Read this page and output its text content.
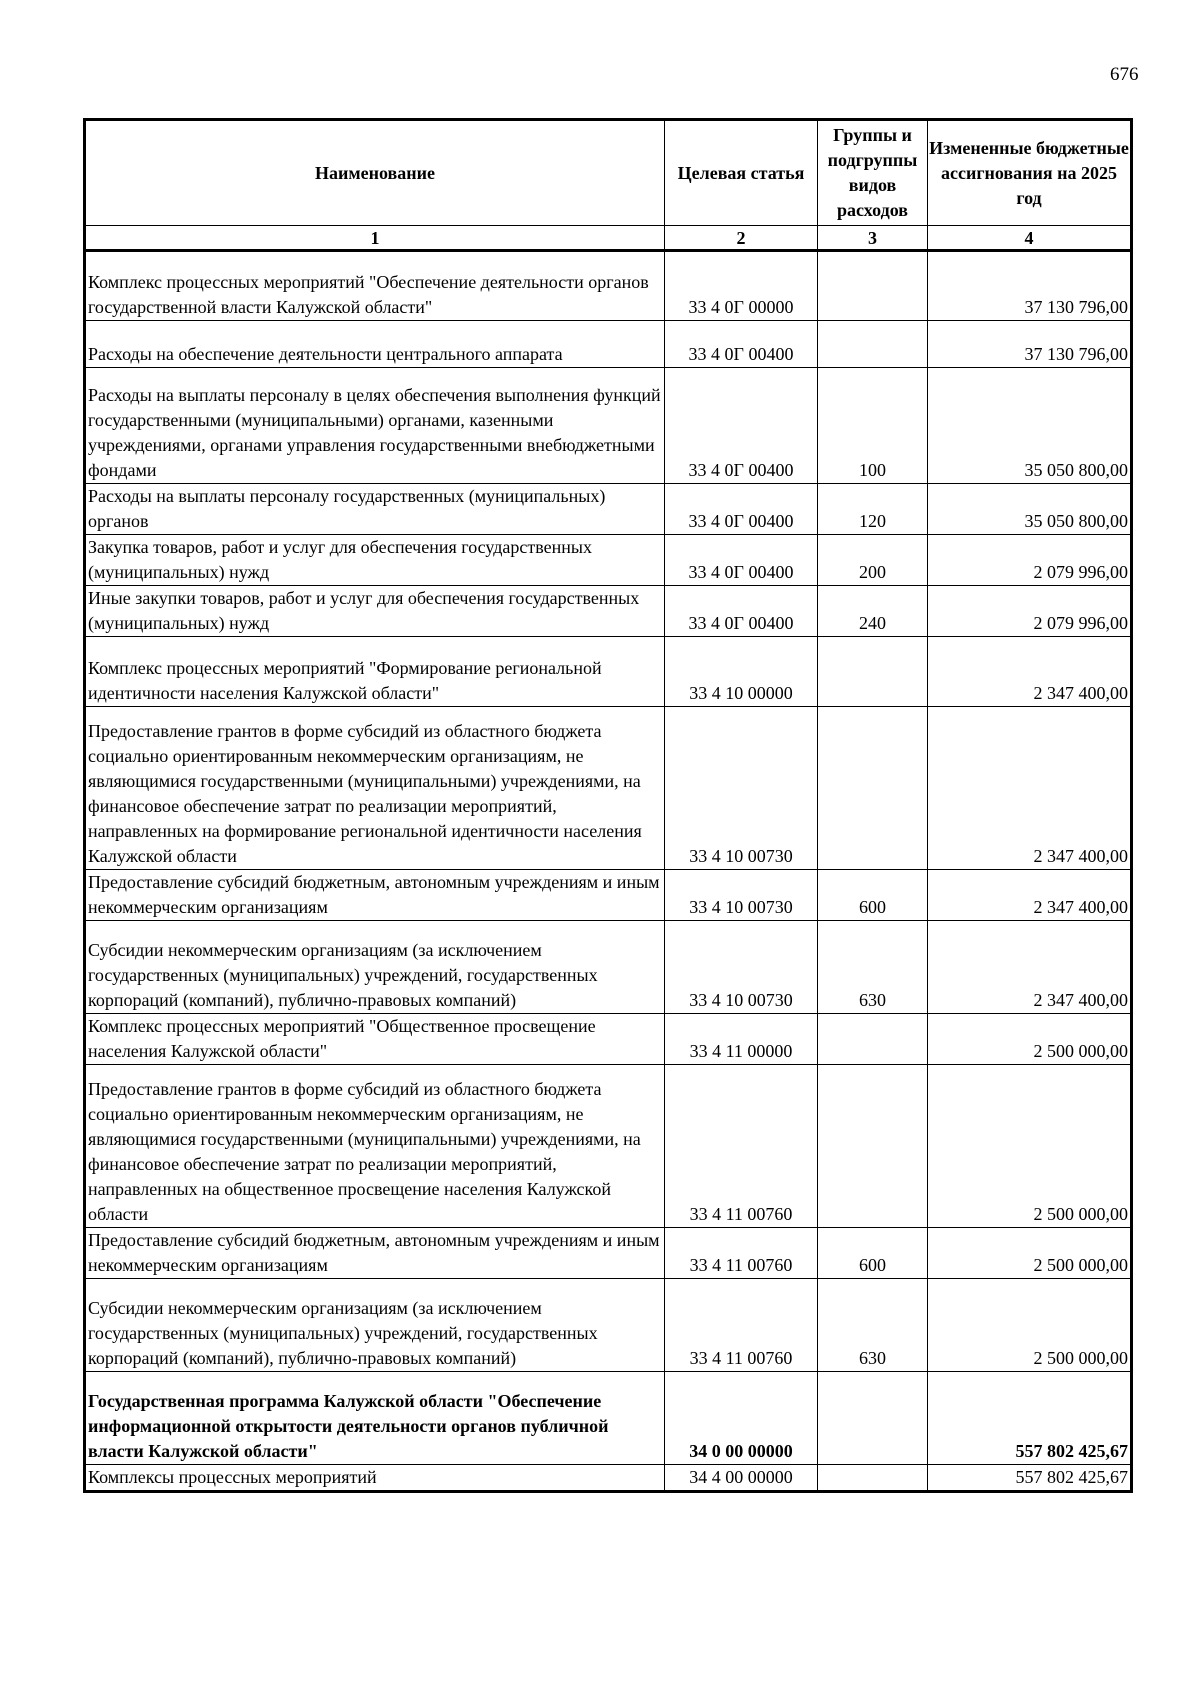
676
Наименование	Целевая статья	Группы и подгруппы видов расходов	Измененные бюджетные ассигнования на 2025 год
1	2	3	4
Комплекс процессных мероприятий "Обеспечение деятельности органов государственной власти Калужской области"	33 4 0Г 00000		37 130 796,00
Расходы на обеспечение деятельности центрального аппарата	33 4 0Г 00400		37 130 796,00
Расходы на выплаты персоналу в целях обеспечения выполнения функций государственными (муниципальными) органами, казенными учреждениями, органами управления государственными внебюджетными фондами	33 4 0Г 00400	100	35 050 800,00
Расходы на выплаты персоналу государственных (муниципальных) органов	33 4 0Г 00400	120	35 050 800,00
Закупка товаров, работ и услуг для обеспечения государственных (муниципальных) нужд	33 4 0Г 00400	200	2 079 996,00
Иные закупки товаров, работ и услуг для обеспечения государственных (муниципальных) нужд	33 4 0Г 00400	240	2 079 996,00
Комплекс процессных мероприятий "Формирование региональной идентичности населения Калужской области"	33 4 10 00000		2 347 400,00
Предоставление грантов в форме субсидий из областного бюджета социально ориентированным некоммерческим организациям, не являющимися государственными (муниципальными) учреждениями, на финансовое обеспечение затрат по реализации мероприятий, направленных на формирование региональной идентичности населения Калужской области	33 4 10 00730		2 347 400,00
Предоставление субсидий бюджетным, автономным учреждениям и иным некоммерческим организациям	33 4 10 00730	600	2 347 400,00
Субсидии некоммерческим организациям (за исключением государственных (муниципальных) учреждений, государственных корпораций (компаний), публично-правовых компаний)	33 4 10 00730	630	2 347 400,00
Комплекс процессных мероприятий "Общественное просвещение населения Калужской области"	33 4 11 00000		2 500 000,00
Предоставление грантов в форме субсидий из областного бюджета социально ориентированным некоммерческим организациям, не являющимися государственными (муниципальными) учреждениями, на финансовое обеспечение затрат по реализации мероприятий, направленных на общественное просвещение населения Калужской области	33 4 11 00760		2 500 000,00
Предоставление субсидий бюджетным, автономным учреждениям и иным некоммерческим организациям	33 4 11 00760	600	2 500 000,00
Субсидии некоммерческим организациям (за исключением государственных (муниципальных) учреждений, государственных корпораций (компаний), публично-правовых компаний)	33 4 11 00760	630	2 500 000,00
Государственная программа Калужской области "Обеспечение информационной открытости деятельности органов публичной власти Калужской области"	34 0 00 00000		557 802 425,67
Комплексы процессных мероприятий	34 4 00 00000		557 802 425,67
